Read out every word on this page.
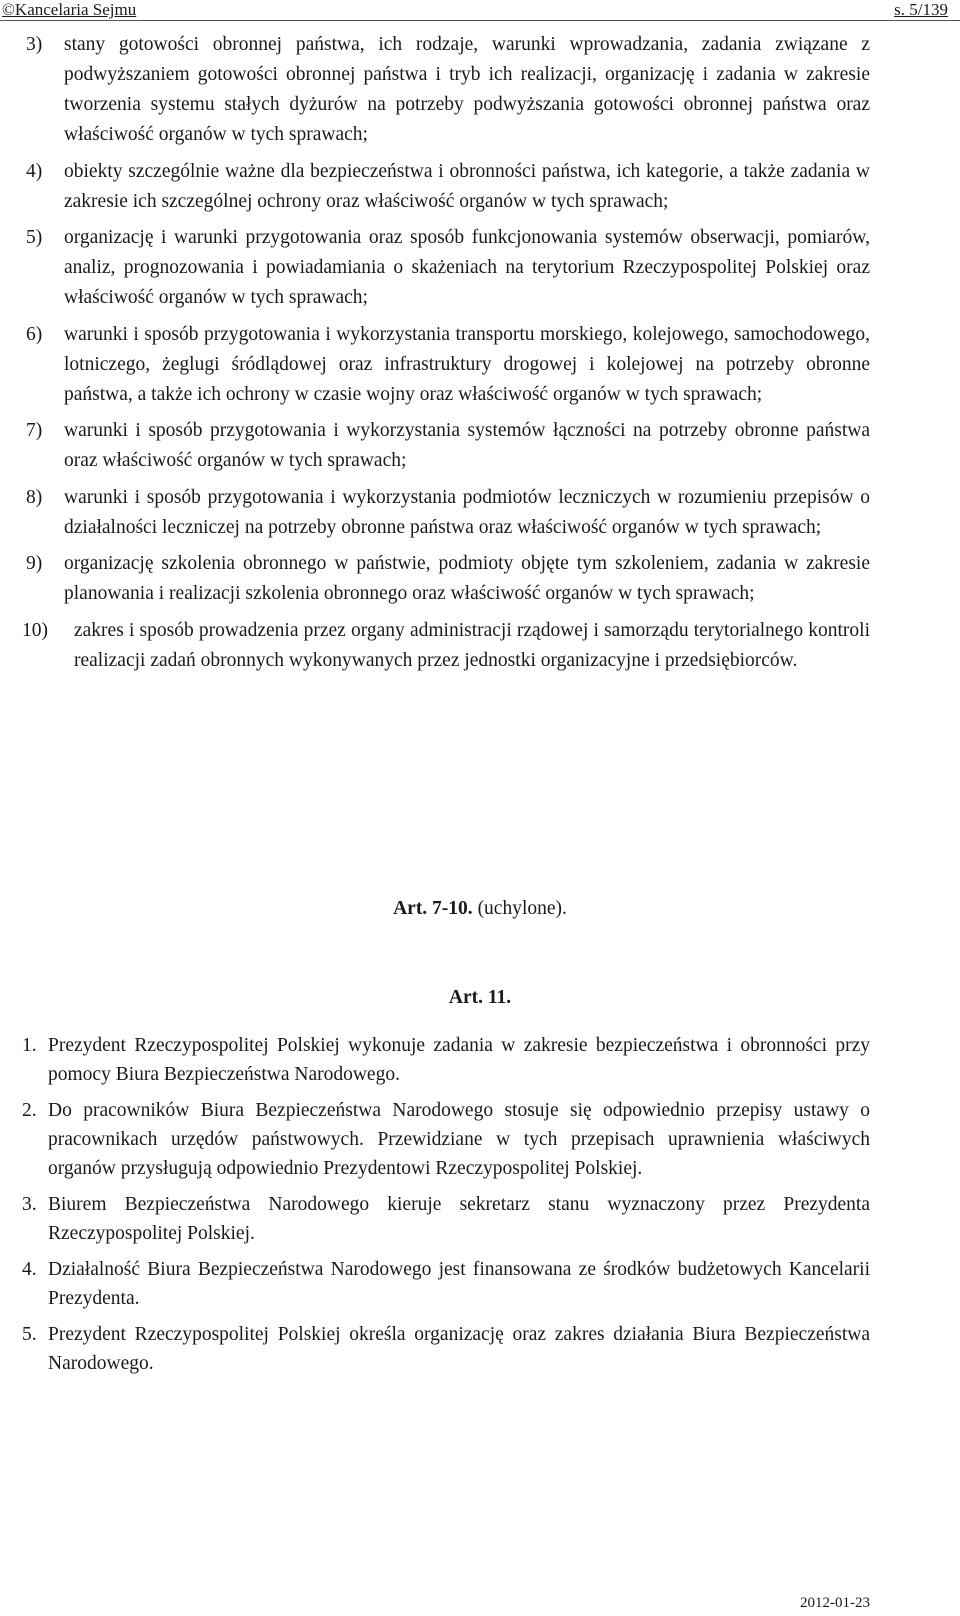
©Kancelaria Sejmu	s. 5/139
3)	stany gotowości obronnej państwa, ich rodzaje, warunki wprowadzania, zadania związane z podwyższaniem gotowości obronnej państwa i tryb ich realizacji, organizację i zadania w zakresie tworzenia systemu stałych dyżurów na potrzeby podwyższania gotowości obronnej państwa oraz właściwość organów w tych sprawach;
4)	obiekty szczególnie ważne dla bezpieczeństwa i obronności państwa, ich kategorie, a także zadania w zakresie ich szczególnej ochrony oraz właściwość organów w tych sprawach;
5)	organizację i warunki przygotowania oraz sposób funkcjonowania systemów obserwacji, pomiarów, analiz, prognozowania i powiadamiania o skażeniach na terytorium Rzeczypospolitej Polskiej oraz właściwość organów w tych sprawach;
6)	warunki i sposób przygotowania i wykorzystania transportu morskiego, kolejowego, samochodowego, lotniczego, żeglugi śródlądowej oraz infrastruktury drogowej i kolejowej na potrzeby obronne państwa, a także ich ochrony w czasie wojny oraz właściwość organów w tych sprawach;
7)	warunki i sposób przygotowania i wykorzystania systemów łączności na potrzeby obronne państwa oraz właściwość organów w tych sprawach;
8)	warunki i sposób przygotowania i wykorzystania podmiotów leczniczych w rozumieniu przepisów o działalności leczniczej na potrzeby obronne państwa oraz właściwość organów w tych sprawach;
9)	organizację szkolenia obronnego w państwie, podmioty objęte tym szkoleniem, zadania w zakresie planowania i realizacji szkolenia obronnego oraz właściwość organów w tych sprawach;
10)	zakres i sposób prowadzenia przez organy administracji rządowej i samorządu terytorialnego kontroli realizacji zadań obronnych wykonywanych przez jednostki organizacyjne i przedsiębiorców.
Art. 7-10. (uchylone).
Art. 11.
1. Prezydent Rzeczypospolitej Polskiej wykonuje zadania w zakresie bezpieczeństwa i obronności przy pomocy Biura Bezpieczeństwa Narodowego.
2. Do pracowników Biura Bezpieczeństwa Narodowego stosuje się odpowiednio przepisy ustawy o pracownikach urzędów państwowych. Przewidziane w tych przepisach uprawnienia właściwych organów przysługują odpowiednio Prezydentowi Rzeczypospolitej Polskiej.
3. Biurem Bezpieczeństwa Narodowego kieruje sekretarz stanu wyznaczony przez Prezydenta Rzeczypospolitej Polskiej.
4. Działalność Biura Bezpieczeństwa Narodowego jest finansowana ze środków budżetowych Kancelarii Prezydenta.
5. Prezydent Rzeczypospolitej Polskiej określa organizację oraz zakres działania Biura Bezpieczeństwa Narodowego.
2012-01-23
